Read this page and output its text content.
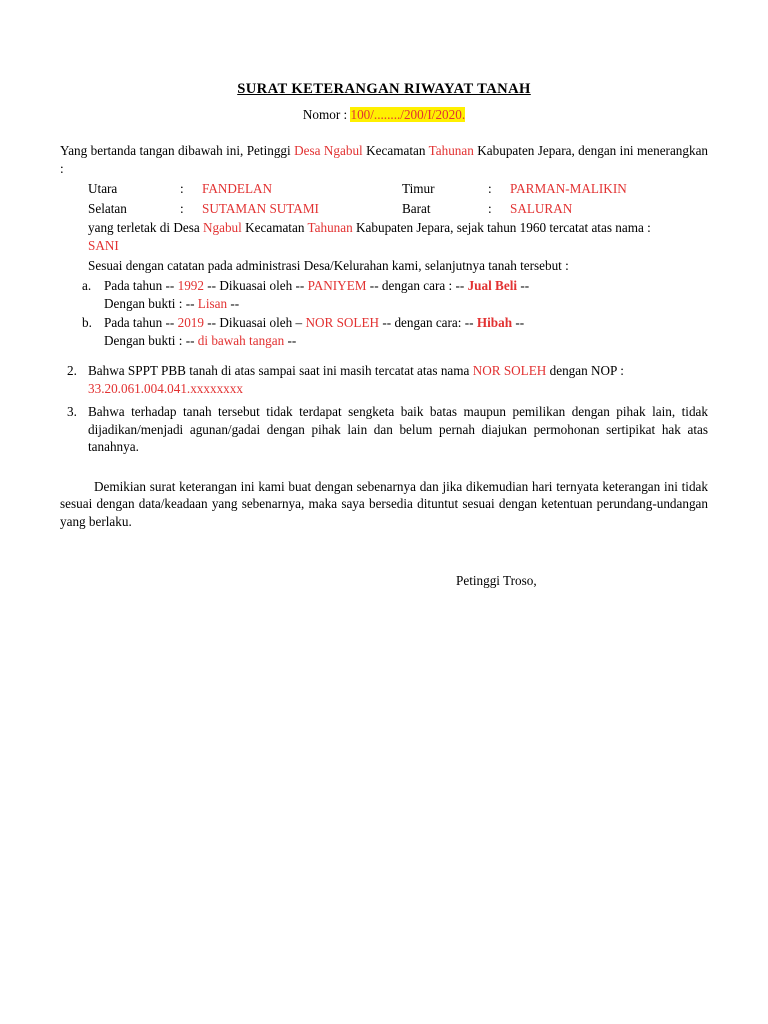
SURAT KETERANGAN RIWAYAT TANAH
Nomor : 100/......../200/I/2020.
Yang bertanda tangan dibawah ini, Petinggi Desa Ngabul Kecamatan Tahunan Kabupaten Jepara, dengan ini menerangkan :
Utara	:	FANDELAN		Timur	:	PARMAN-MALIKIN
Selatan	:	SUTAMAN SUTAMI		Barat	:	SALURAN
yang terletak di Desa Ngabul Kecamatan Tahunan Kabupaten Jepara, sejak tahun 1960 tercatat atas nama :
SANI
Sesuai dengan catatan pada administrasi Desa/Kelurahan kami, selanjutnya tanah tersebut :
a. Pada tahun -- 1992 -- Dikuasai oleh -- PANIYEM -- dengan cara : -- Jual Beli --
Dengan bukti : -- Lisan --
b. Pada tahun -- 2019 -- Dikuasai oleh – NOR SOLEH -- dengan cara: -- Hibah --
Dengan bukti : -- di bawah tangan --
2. Bahwa SPPT PBB tanah di atas sampai saat ini masih tercatat atas nama NOR SOLEH dengan NOP :
33.20.061.004.041.xxxxxxxx
3. Bahwa terhadap tanah tersebut tidak terdapat sengketa baik batas maupun pemilikan dengan pihak lain, tidak dijadikan/menjadi agunan/gadai dengan pihak lain dan belum pernah diajukan permohonan sertipikat hak atas tanahnya.
Demikian surat keterangan ini kami buat dengan sebenarnya dan jika dikemudian hari ternyata keterangan ini tidak sesuai dengan data/keadaan yang sebenarnya, maka saya bersedia dituntut sesuai dengan ketentuan perundang-undangan yang berlaku.
Petinggi Troso,
